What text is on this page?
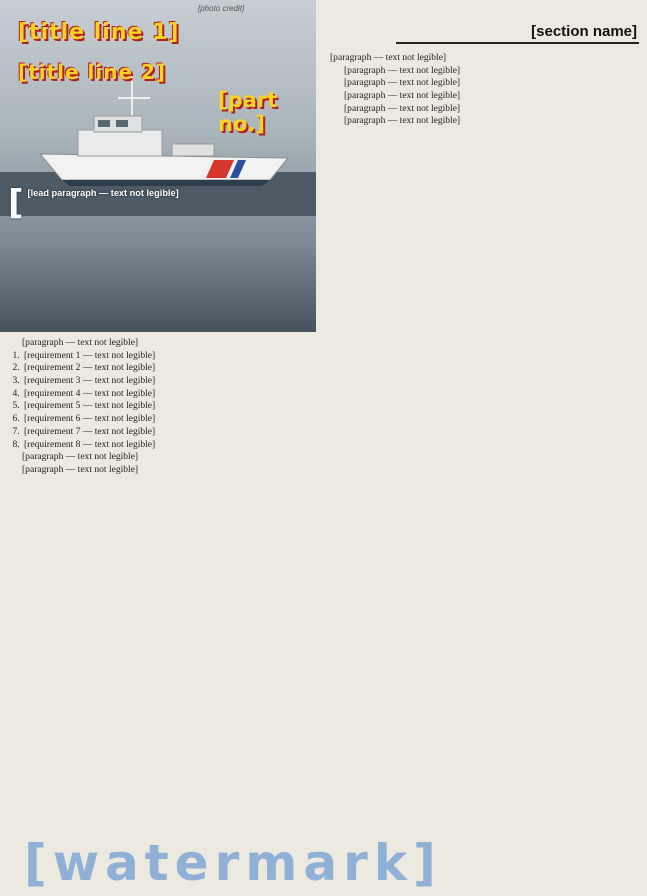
[photo credit]
[title line 1]
[title line 2]
[part no.]
[ [lead paragraph — text not legible]
[section name]

[paragraph — text not legible]

1. [requirement 1 — text not legible]
2. [requirement 2 — text not legible]
3. [requirement 3 — text not legible]
4. [requirement 4 — text not legible]
5. [requirement 5 — text not legible]
6. [requirement 6 — text not legible]
7. [requirement 7 — text not legible]
8. [requirement 8 — text not legible]

[paragraph — text not legible]

[paragraph — text not legible]

[paragraph — text not legible]

[paragraph — text not legible]

[paragraph — text not legible]

[paragraph — text not legible]

[paragraph — text not legible]

[paragraph — text not legible]

[watermark]
